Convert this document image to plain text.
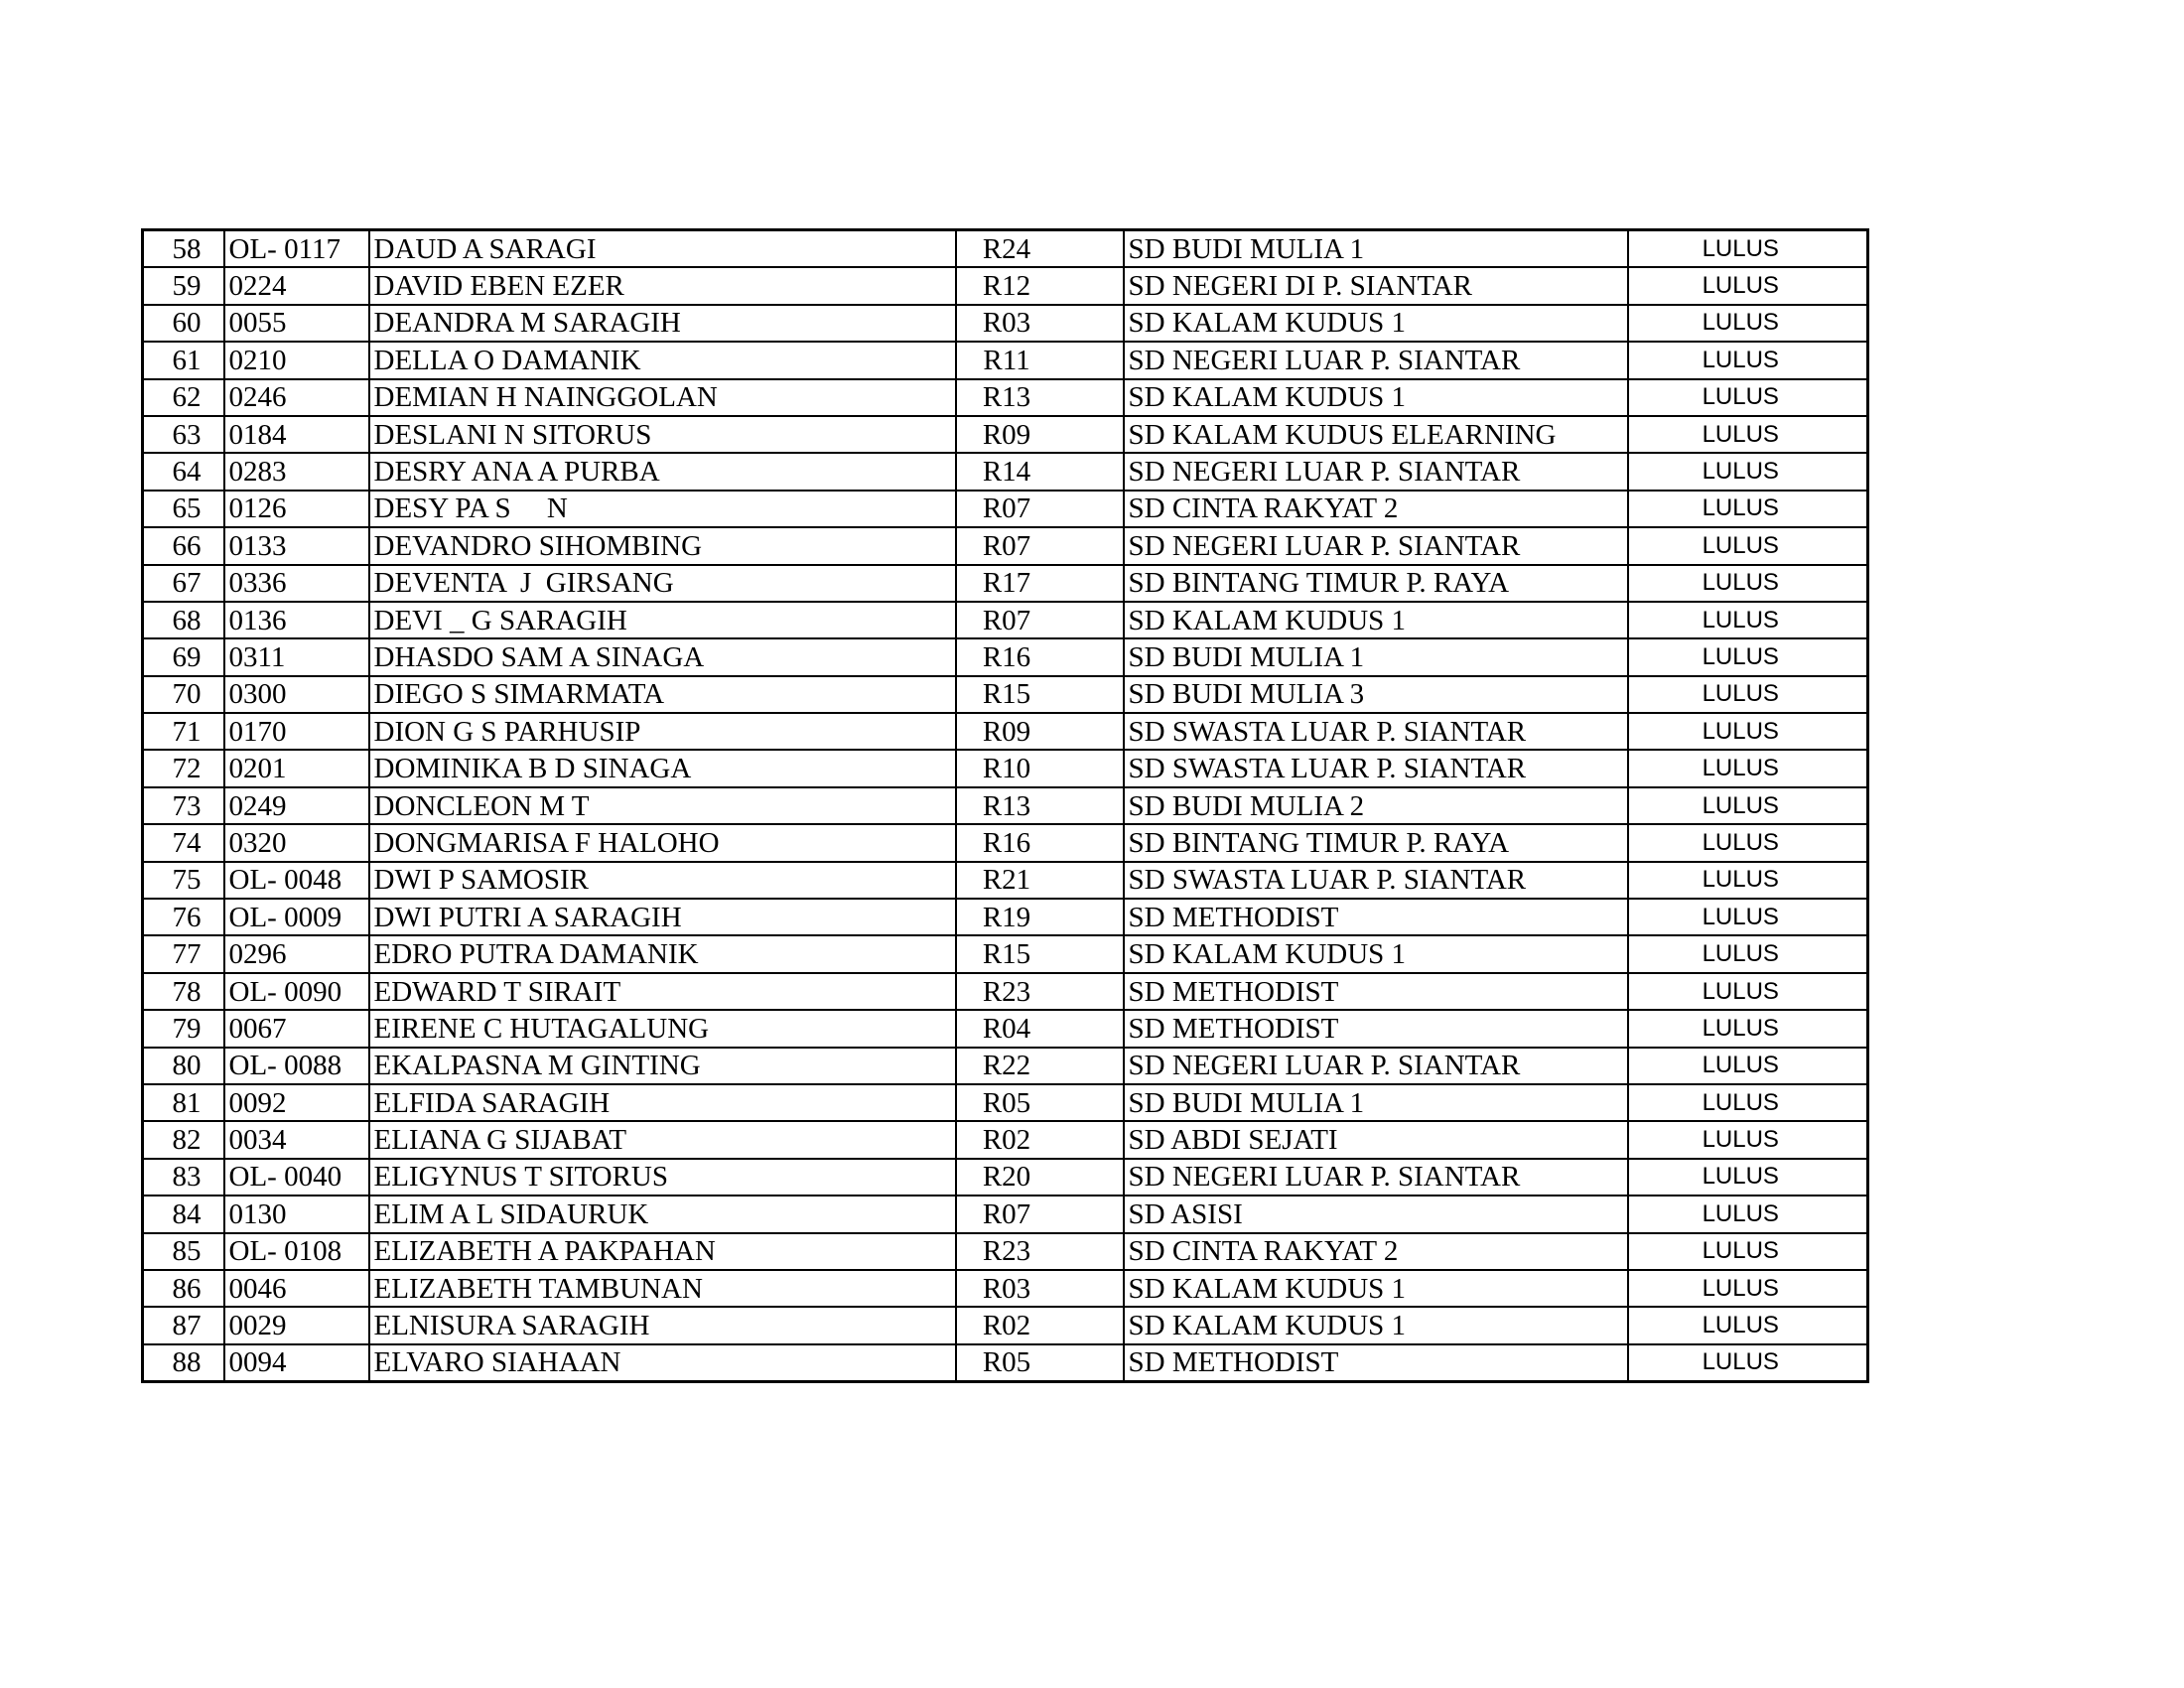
58	OL- 0117	DAUD A SARAGI	R24	SD BUDI MULIA 1	LULUS
59	0224	DAVID EBEN EZER	R12	SD NEGERI DI P. SIANTAR	LULUS
60	0055	DEANDRA M SARAGIH	R03	SD KALAM KUDUS 1	LULUS
61	0210	DELLA O DAMANIK	R11	SD NEGERI LUAR P. SIANTAR	LULUS
62	0246	DEMIAN H NAINGGOLAN	R13	SD KALAM KUDUS 1	LULUS
63	0184	DESLANI N SITORUS	R09	SD KALAM KUDUS ELEARNING	LULUS
64	0283	DESRY ANA A PURBA	R14	SD NEGERI LUAR P. SIANTAR	LULUS
65	0126	DESY PA S     N	R07	SD CINTA RAKYAT 2	LULUS
66	0133	DEVANDRO SIHOMBING	R07	SD NEGERI LUAR P. SIANTAR	LULUS
67	0336	DEVENTA  J  GIRSANG	R17	SD BINTANG TIMUR P. RAYA	LULUS
68	0136	DEVI _ G SARAGIH	R07	SD KALAM KUDUS 1	LULUS
69	0311	DHASDO SAM A SINAGA	R16	SD BUDI MULIA 1	LULUS
70	0300	DIEGO S SIMARMATA	R15	SD BUDI MULIA 3	LULUS
71	0170	DION G S PARHUSIP	R09	SD SWASTA LUAR P. SIANTAR	LULUS
72	0201	DOMINIKA B D SINAGA	R10	SD SWASTA LUAR P. SIANTAR	LULUS
73	0249	DONCLEON M T	R13	SD BUDI MULIA 2	LULUS
74	0320	DONGMARISA F HALOHO	R16	SD BINTANG TIMUR P. RAYA	LULUS
75	OL- 0048	DWI P SAMOSIR	R21	SD SWASTA LUAR P. SIANTAR	LULUS
76	OL- 0009	DWI PUTRI A SARAGIH	R19	SD METHODIST	LULUS
77	0296	EDRO PUTRA DAMANIK	R15	SD KALAM KUDUS 1	LULUS
78	OL- 0090	EDWARD T SIRAIT	R23	SD METHODIST	LULUS
79	0067	EIRENE C HUTAGALUNG	R04	SD METHODIST	LULUS
80	OL- 0088	EKALPASNA M GINTING	R22	SD NEGERI LUAR P. SIANTAR	LULUS
81	0092	ELFIDA SARAGIH	R05	SD BUDI MULIA 1	LULUS
82	0034	ELIANA G SIJABAT	R02	SD ABDI SEJATI	LULUS
83	OL- 0040	ELIGYNUS T SITORUS	R20	SD NEGERI LUAR P. SIANTAR	LULUS
84	0130	ELIM A L SIDAURUK	R07	SD ASISI	LULUS
85	OL- 0108	ELIZABETH A PAKPAHAN	R23	SD CINTA RAKYAT 2	LULUS
86	0046	ELIZABETH TAMBUNAN	R03	SD KALAM KUDUS 1	LULUS
87	0029	ELNISURA SARAGIH	R02	SD KALAM KUDUS 1	LULUS
88	0094	ELVARO SIAHAAN	R05	SD METHODIST	LULUS
